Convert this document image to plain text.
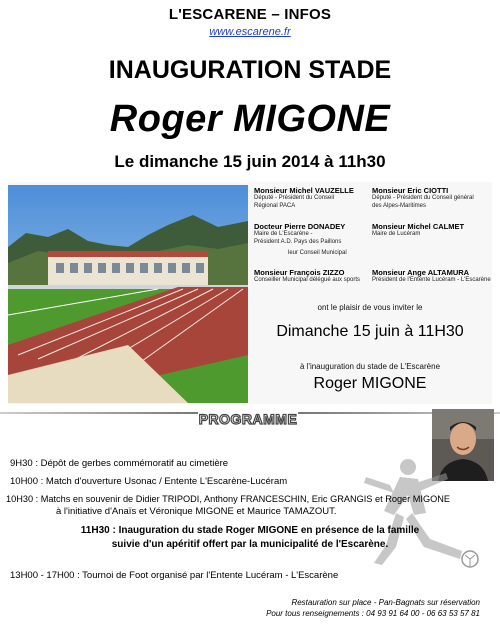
L'ESCARENE – INFOS
www.escarene.fr
INAUGURATION STADE
Roger MIGONE
Le dimanche 15 juin 2014 à 11h30
Monsieur Michel VAUZELLE
Député - Président du Conseil
Régional PACA
Monsieur Eric CIOTTI
Député - Président du Conseil général
des Alpes-Maritimes
Docteur Pierre DONADEY
Maire de L'Escarène -
Président A.D. Pays des Paillons
Monsieur Michel CALMET
Maire de Lucéram
leur Conseil Municipal
Monsieur François ZIZZO
Conseiller Municipal délégué aux sports
Monsieur Ange ALTAMURA
Président de l'Entente Lucéram - L'Escarène
ont le plaisir de vous inviter le
Dimanche 15 juin à 11H30
à l'inauguration du stade de L'Escarène
Roger MIGONE
PROGRAMME
9H30 : Dépôt de gerbes commémoratif au cimetière
10H00 : Match d'ouverture Usonac / Entente L'Escarène-Lucéram
10H30 : Matchs en souvenir de Didier TRIPODI, Anthony FRANCESCHIN, Eric GRANGIS et Roger MIGONE
à l'initiative d'Anaïs et Véronique MIGONE et Maurice TAMAZOUT.
11H30 : Inauguration du stade Roger MIGONE en présence de la famille
suivie d'un apéritif offert par la municipalité de l'Escarène.
13H00 - 17H00 : Tournoi de Foot organisé par l'Entente Lucéram - L'Escarène
Restauration sur place - Pan-Bagnats sur réservation
Pour tous renseignements : 04 93 91 64 00 - 06 63 53 57 81
